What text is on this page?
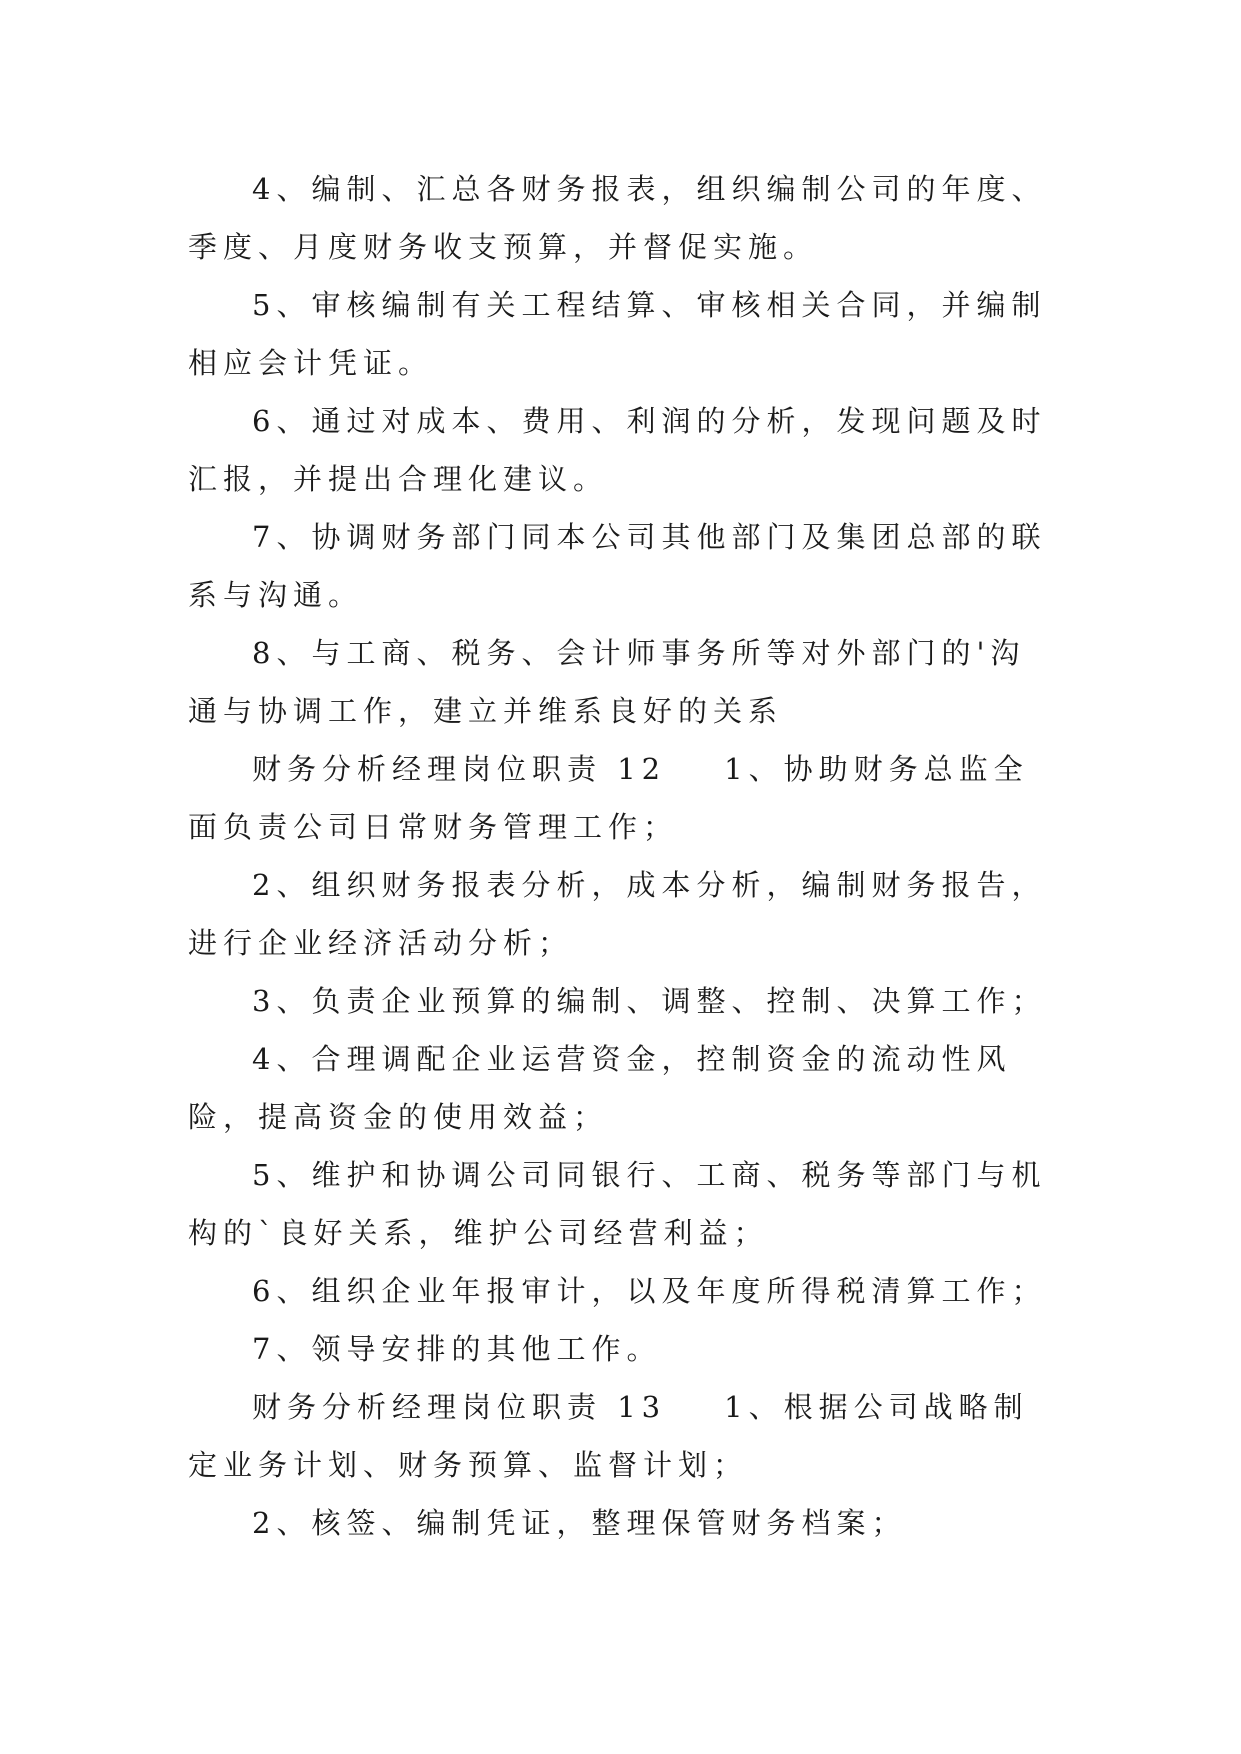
4、编制、汇总各财务报表，组织编制公司的年度、季度、月度财务收支预算，并督促实施。

5、审核编制有关工程结算、审核相关合同，并编制相应会计凭证。

6、通过对成本、费用、利润的分析，发现问题及时汇报，并提出合理化建议。

7、协调财务部门同本公司其他部门及集团总部的联系与沟通。

8、与工商、税务、会计师事务所等对外部门的'沟通与协调工作，建立并维系良好的关系

财务分析经理岗位职责 12 1、协助财务总监全面负责公司日常财务管理工作；

2、组织财务报表分析，成本分析，编制财务报告，进行企业经济活动分析；

3、负责企业预算的编制、调整、控制、决算工作；

4、合理调配企业运营资金，控制资金的流动性风险，提高资金的使用效益；

5、维护和协调公司同银行、工商、税务等部门与机构的`良好关系，维护公司经营利益；

6、组织企业年报审计，以及年度所得税清算工作；

7、领导安排的其他工作。

财务分析经理岗位职责 13 1、根据公司战略制定业务计划、财务预算、监督计划；

2、核签、编制凭证，整理保管财务档案；
